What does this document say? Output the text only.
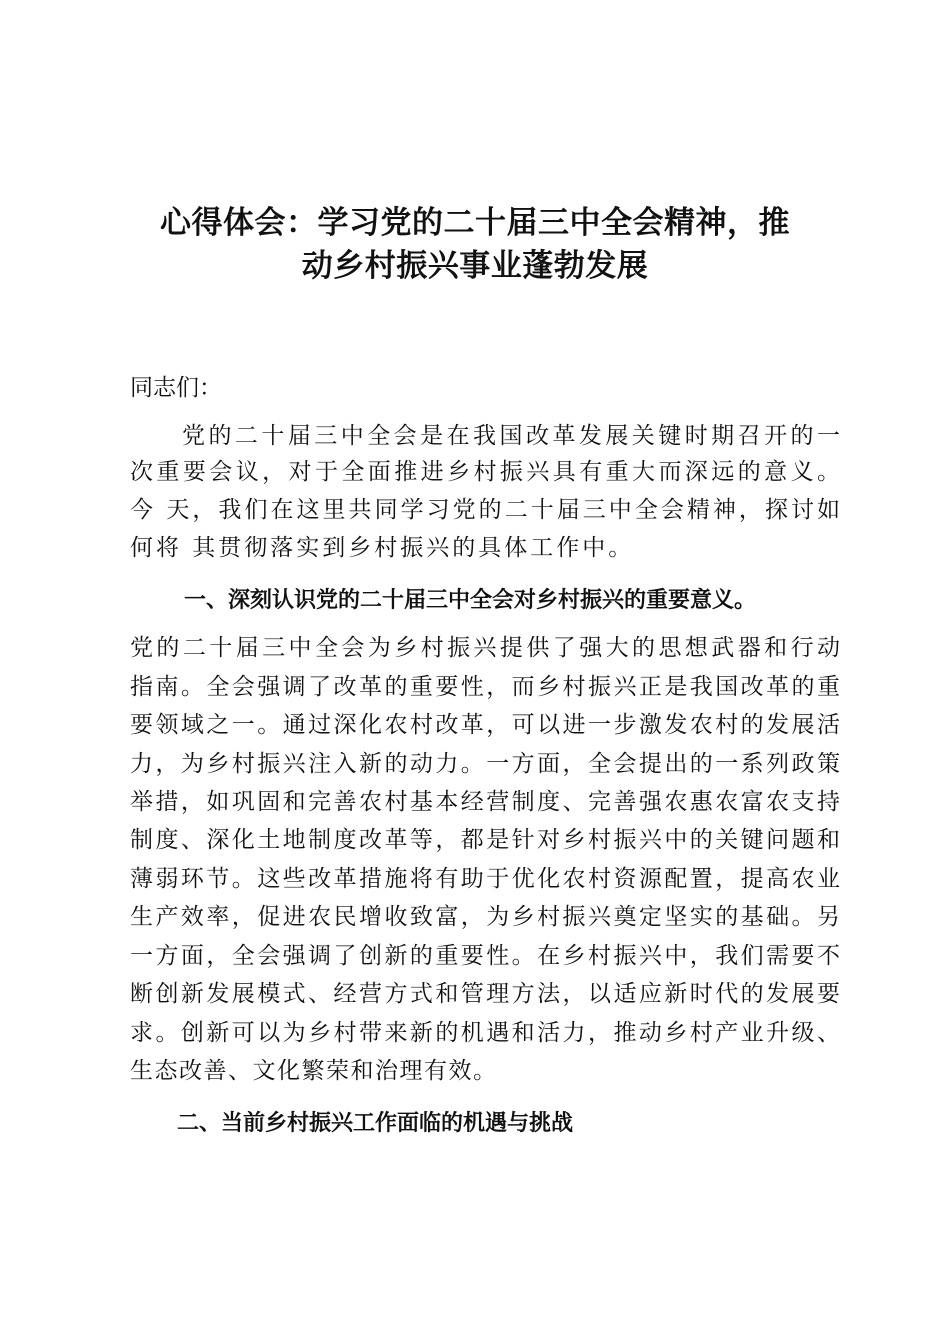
心得体会：学习党的二十届三中全会精神，推
动乡村振兴事业蓬勃发展
同志们：
党的二十届三中全会是在我国改革发展关键时期召开的一
次重要会议，对于全面推进乡村振兴具有重大而深远的意义。
今 天，我们在这里共同学习党的二十届三中全会精神，探讨如
何将 其贯彻落实到乡村振兴的具体工作中。
一、深刻认识党的二十届三中全会对乡村振兴的重要意义。
党的二十届三中全会为乡村振兴提供了强大的思想武器和行动
指南。全会强调了改革的重要性，而乡村振兴正是我国改革的重
要领域之一。通过深化农村改革，可以进一步激发农村的发展活
力，为乡村振兴注入新的动力。一方面，全会提出的一系列政策
举措，如巩固和完善农村基本经营制度、完善强农惠农富农支持
制度、深化土地制度改革等，都是针对乡村振兴中的关键问题和
薄弱环节。这些改革措施将有助于优化农村资源配置，提高农业
生产效率，促进农民增收致富，为乡村振兴奠定坚实的基础。另
一方面，全会强调了创新的重要性。在乡村振兴中，我们需要不
断创新发展模式、经营方式和管理方法，以适应新时代的发展要
求。创新可以为乡村带来新的机遇和活力，推动乡村产业升级、
生态改善、文化繁荣和治理有效。
二、当前乡村振兴工作面临的机遇与挑战
